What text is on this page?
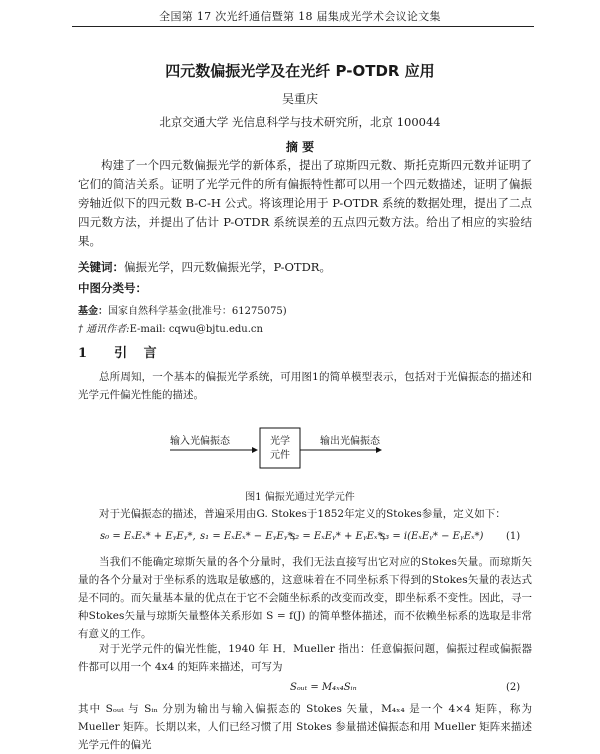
全国第 17 次光纤通信暨第 18 届集成光学术会议论文集
四元数偏振光学及在光纤 P-OTDR 应用
吴重庆
北京交通大学 光信息科学与技术研究所，北京 100044
摘 要
构建了一个四元数偏振光学的新体系，提出了琼斯四元数、斯托克斯四元数并证明了它们的简洁关系。证明了光学元件的所有偏振特性都可以用一个四元数描述，证明了偏振旁轴近似下的四元数 B-C-H 公式。将该理论用于 P-OTDR 系统的数据处理，提出了二点四元数方法，并提出了估计 P-OTDR 系统误差的五点四元数方法。给出了相应的实验结果。
关键词：偏振光学，四元数偏振光学，P-OTDR。
中图分类号：
基金：国家自然科学基金(批准号：61275075)
† 通讯作者:E-mail: cqwu@bjtu.edu.cn
1 引 言
总所周知，一个基本的偏振光学系统，可用图1的简单模型表示，包括对于光偏振态的描述和光学元件偏光性能的描述。
输入光偏振态	光学
元件
输出光偏振态
图1 偏振光通过光学元件
对于光偏振态的描述，普遍采用由G. Stokes于1852年定义的Stokes参量，定义如下：
s₀ = EₓEₓ* + EᵧEᵧ*, s₁ = EₓEₓ* − EᵧEᵧ*,
s₂ = EₓEᵧ* + EᵧEₓ*,
s₃ = i(EₓEᵧ* − EᵧEₓ*) (1)
当我们不能确定琼斯矢量的各个分量时，我们无法直接写出它对应的Stokes矢量。而琼斯矢量的各个分量对于坐标系的选取是敏感的，这意味着在不同坐标系下得到的Stokes矢量的表达式是不同的。而矢量基本量的优点在于它不会随坐标系的改变而改变，即坐标系不变性。因此，寻一种Stokes矢量与琼斯矢量整体关系形如 S = f(J) 的简单整体描述，而不依赖坐标系的选取是非常有意义的工作。
对于光学元件的偏光性能，1940 年 H．Mueller 指出：任意偏振问题，偏振过程或偏振器件都可以用一个 4x4 的矩阵来描述，可写为
Sₒᵤₜ = M₄ₓ₄Sᵢₙ	(2)
其中 Sₒᵤₜ 与 Sᵢₙ 分别为输出与输入偏振态的 Stokes 矢量，M₄ₓ₄ 是一个 4×4 矩阵，称为 Mueller 矩阵。长期以来，人们已经习惯了用 Stokes 参量描述偏振态和用 Mueller 矩阵来描述光学元件的偏光
